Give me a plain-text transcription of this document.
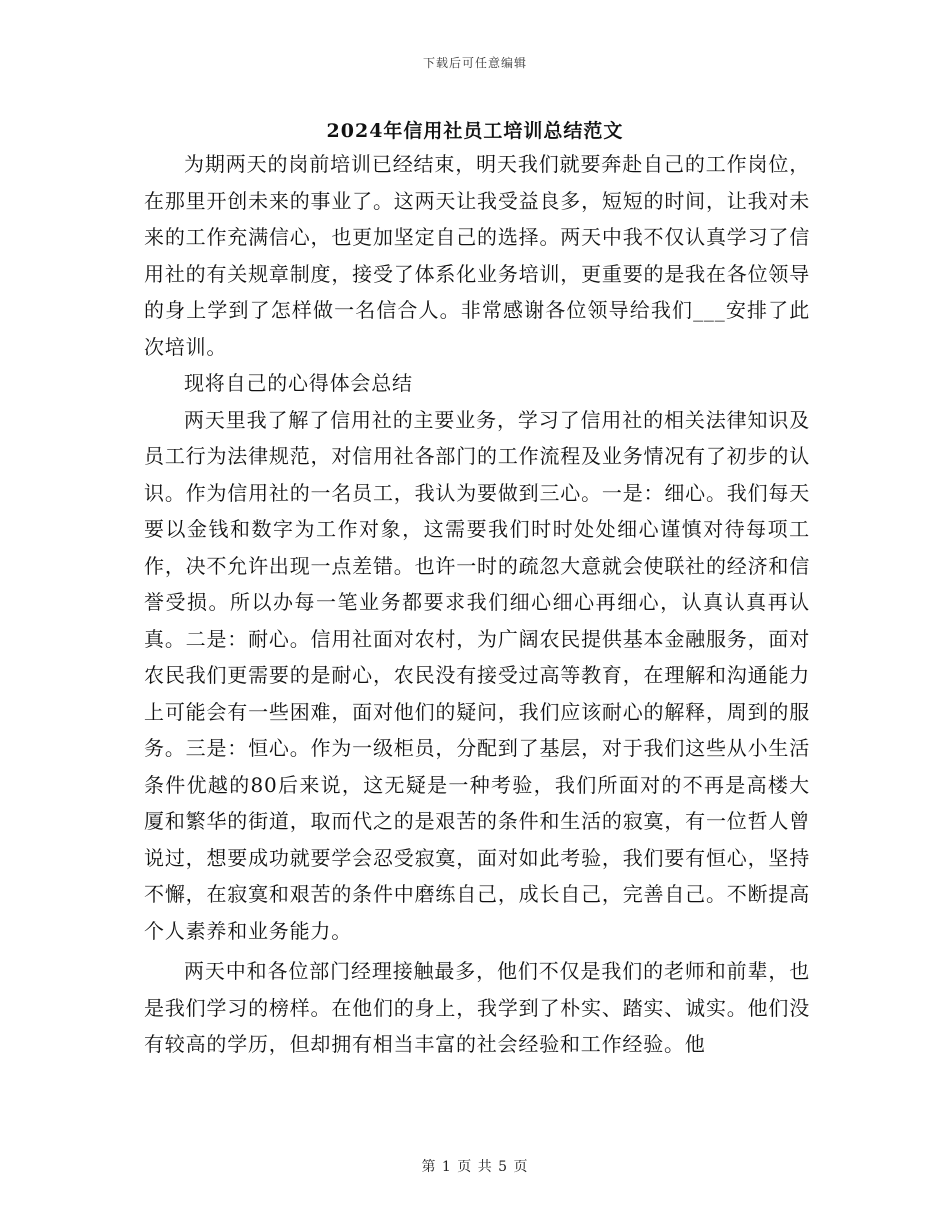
下载后可任意编辑
2024年信用社员工培训总结范文

为期两天的岗前培训已经结束，明天我们就要奔赴自己的工作岗位，在那里开创未来的事业了。这两天让我受益良多，短短的时间，让我对未来的工作充满信心，也更加坚定自己的选择。两天中我不仅认真学习了信用社的有关规章制度，接受了体系化业务培训，更重要的是我在各位领导的身上学到了怎样做一名信合人。非常感谢各位领导给我们___安排了此次培训。

现将自己的心得体会总结

两天里我了解了信用社的主要业务，学习了信用社的相关法律知识及员工行为法律规范，对信用社各部门的工作流程及业务情况有了初步的认识。作为信用社的一名员工，我认为要做到三心。一是：细心。我们每天要以金钱和数字为工作对象，这需要我们时时处处细心谨慎对待每项工作，决不允许出现一点差错。也许一时的疏忽大意就会使联社的经济和信誉受损。所以办每一笔业务都要求我们细心细心再细心，认真认真再认真。二是：耐心。信用社面对农村，为广阔农民提供基本金融服务，面对农民我们更需要的是耐心，农民没有接受过高等教育，在理解和沟通能力上可能会有一些困难，面对他们的疑问，我们应该耐心的解释，周到的服务。三是：恒心。作为一级柜员，分配到了基层，对于我们这些从小生活条件优越的80后来说，这无疑是一种考验，我们所面对的不再是高楼大厦和繁华的街道，取而代之的是艰苦的条件和生活的寂寞，有一位哲人曾说过，想要成功就要学会忍受寂寞，面对如此考验，我们要有恒心，坚持不懈，在寂寞和艰苦的条件中磨练自己，成长自己，完善自己。不断提高个人素养和业务能力。

两天中和各位部门经理接触最多，他们不仅是我们的老师和前辈，也是我们学习的榜样。在他们的身上，我学到了朴实、踏实、诚实。他们没有较高的学历，但却拥有相当丰富的社会经验和工作经验。他

第 1 页 共 5 页
